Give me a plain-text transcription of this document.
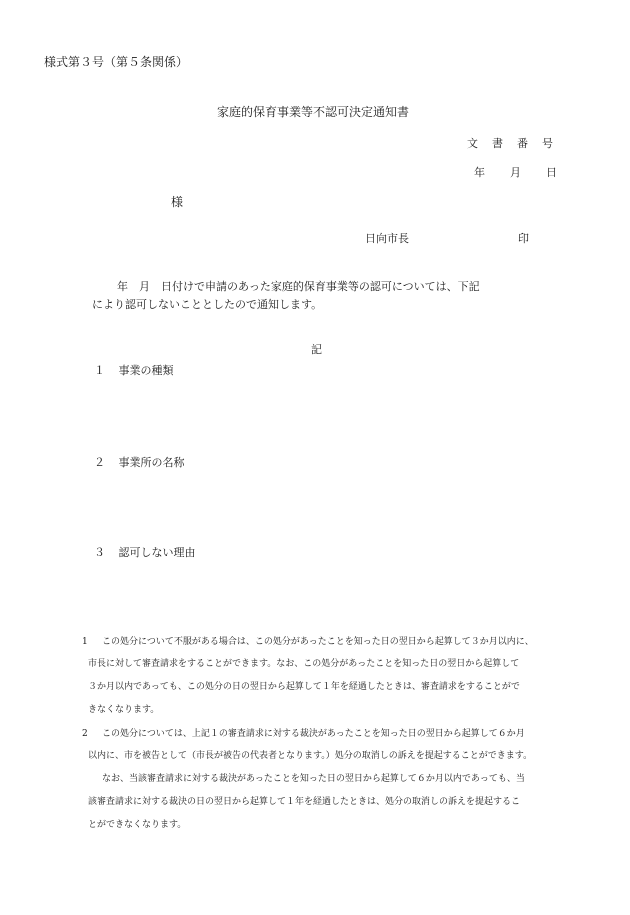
様式第３号（第５条関係）
家庭的保育事業等不認可決定通知書
文 書 番 号
年 月 日
様
日向市長	印
年　月　日付けで申請のあった家庭的保育事業等の認可については、下記
により認可しないこととしたので通知します。
記
１ 事業の種類
２ 事業所の名称
３ 認可しない理由
1 この処分について不服がある場合は、この処分があったことを知った日の翌日から起算して３か月以内に、
市長に対して審査請求をすることができます。なお、この処分があったことを知った日の翌日から起算して
３か月以内であっても、この処分の日の翌日から起算して１年を経過したときは、審査請求をすることがで
きなくなります。
2 この処分については、上記１の審査請求に対する裁決があったことを知った日の翌日から起算して６か月
以内に、市を被告として（市長が被告の代表者となります。）処分の取消しの訴えを提起することができます。
なお、当該審査請求に対する裁決があったことを知った日の翌日から起算して６か月以内であっても、当
該審査請求に対する裁決の日の翌日から起算して１年を経過したときは、処分の取消しの訴えを提起するこ
とができなくなります。
